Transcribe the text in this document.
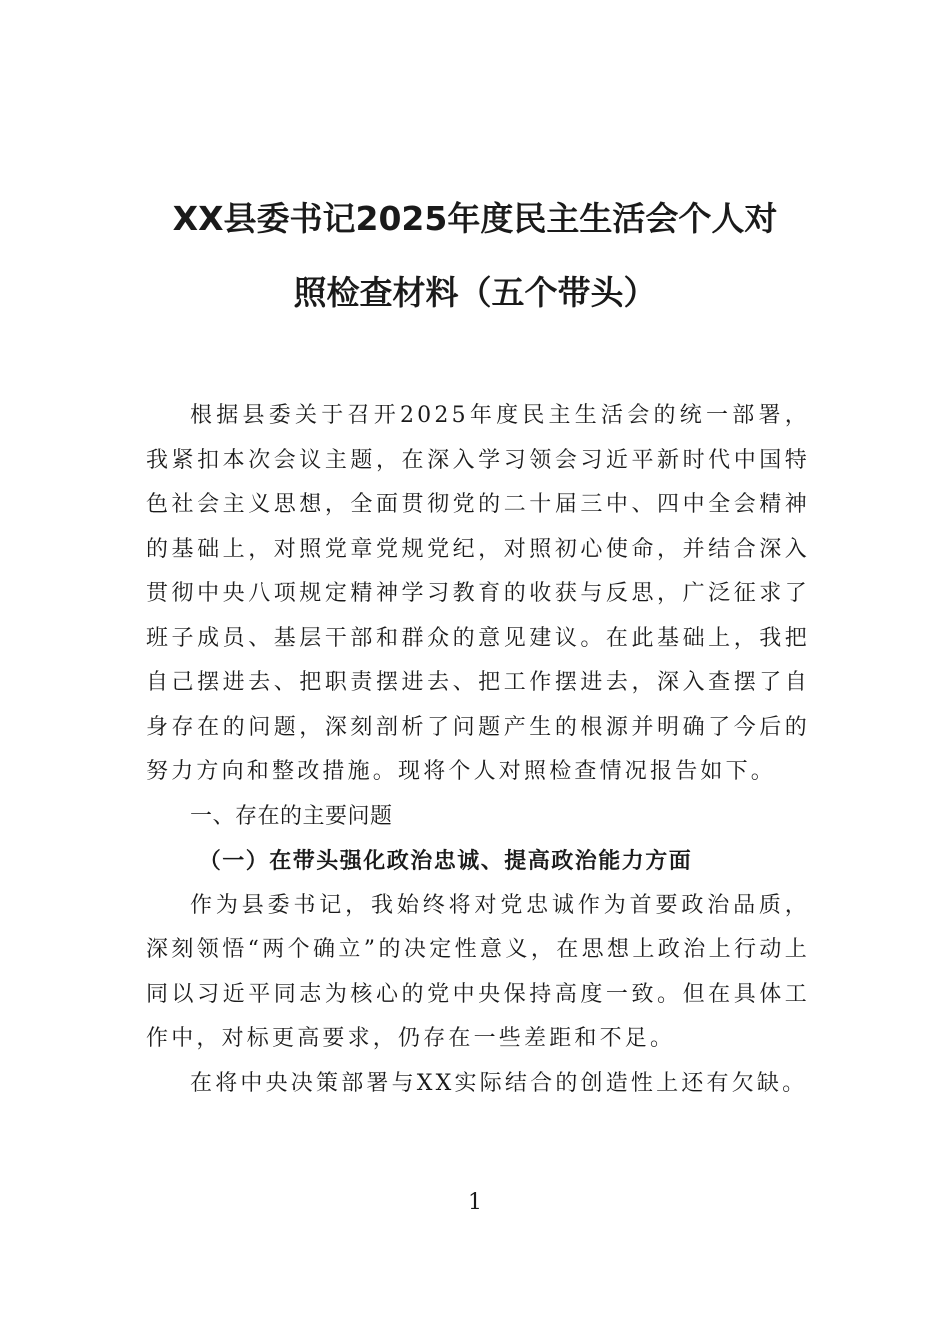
XX县委书记2025年度民主生活会个人对
照检查材料（五个带头）

根据县委关于召开2025年度民主生活会的统一部署，我紧扣本次会议主题，在深入学习领会习近平新时代中国特色社会主义思想，全面贯彻党的二十届三中、四中全会精神的基础上，对照党章党规党纪，对照初心使命，并结合深入贯彻中央八项规定精神学习教育的收获与反思，广泛征求了班子成员、基层干部和群众的意见建议。在此基础上，我把自己摆进去、把职责摆进去、把工作摆进去，深入查摆了自身存在的问题，深刻剖析了问题产生的根源并明确了今后的努力方向和整改措施。现将个人对照检查情况报告如下。

一、存在的主要问题

（一）在带头强化政治忠诚、提高政治能力方面

作为县委书记，我始终将对党忠诚作为首要政治品质，深刻领悟“两个确立”的决定性意义，在思想上政治上行动上同以习近平同志为核心的党中央保持高度一致。但在具体工作中，对标更高要求，仍存在一些差距和不足。

在将中央决策部署与XX实际结合的创造性上还有欠缺。

1
